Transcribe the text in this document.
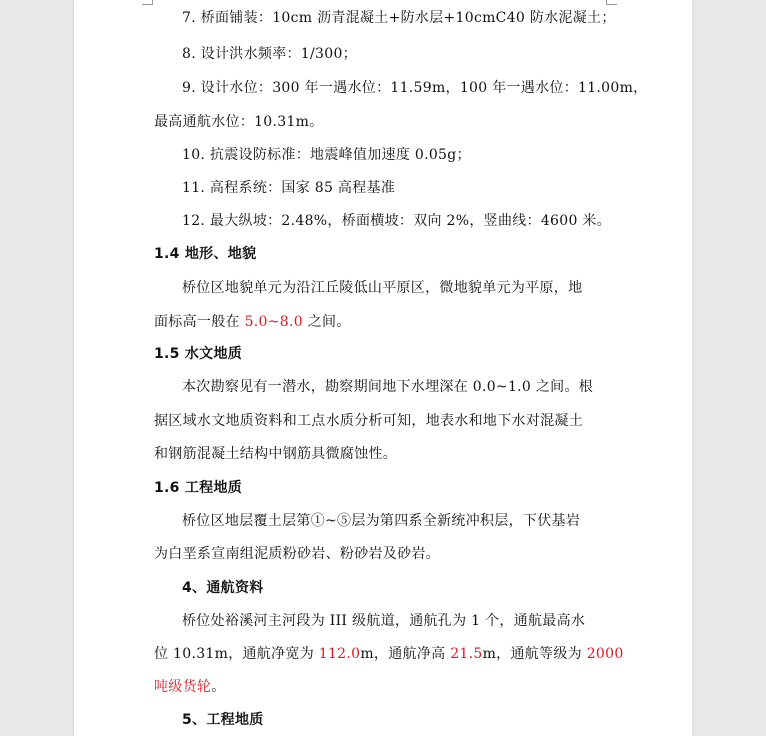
7. 桥面铺装：10cm 沥青混凝土+防水层+10cmC40 防水泥凝土；
8. 设计洪水频率：1/300；
9. 设计水位：300 年一遇水位：11.59m，100 年一遇水位：11.00m，
最高通航水位：10.31m。
10. 抗震设防标准：地震峰值加速度 0.05g；
11. 高程系统：国家 85 高程基准
12. 最大纵坡：2.48%，桥面横坡：双向 2%，竖曲线：4600 米。
1.4 地形、地貌
桥位区地貌单元为沿江丘陵低山平原区，微地貌单元为平原，地
面标高一般在 5.0~8.0 之间。
1.5 水文地质
本次勘察见有一潜水，勘察期间地下水埋深在 0.0~1.0 之间。根
据区域水文地质资料和工点水质分析可知，地表水和地下水对混凝土
和钢筋混凝土结构中钢筋具微腐蚀性。
1.6 工程地质
桥位区地层覆土层第①~⑤层为第四系全新统冲积层，下伏基岩
为白垩系宣南组泥质粉砂岩、粉砂岩及砂岩。
4、通航资料
桥位处裕溪河主河段为 III 级航道，通航孔为 1 个，通航最高水
位 10.31m，通航净宽为 112.0m，通航净高 21.5m，通航等级为 2000
吨级货轮。
5、工程地质
